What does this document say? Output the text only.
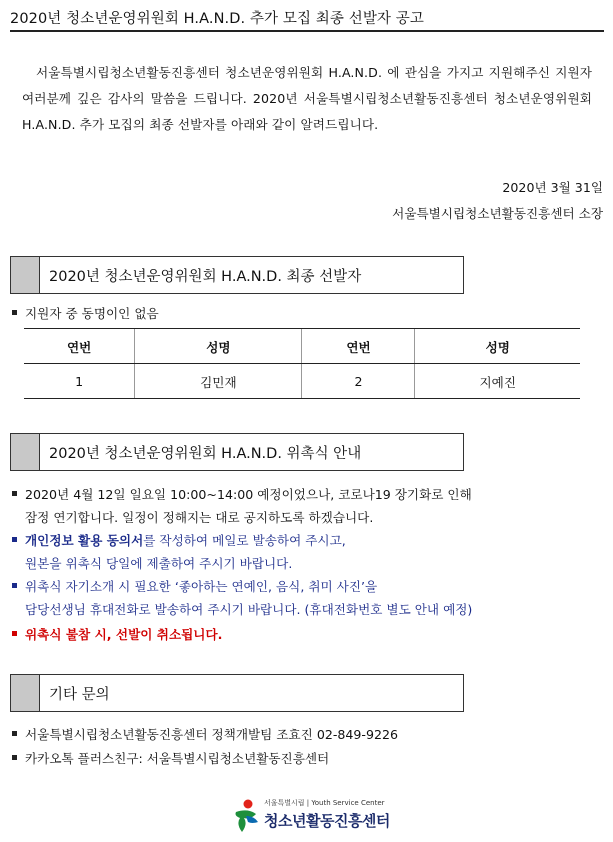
2020년 청소년운영위원회 H.A.N.D. 추가 모집 최종 선발자 공고
서울특별시립청소년활동진흥센터 청소년운영위원회 H.A.N.D. 에 관심을 가지고 지원해주신 지원자 여러분께 깊은 감사의 말씀을 드립니다. 2020년 서울특별시립청소년활동진흥센터 청소년운영위원회 H.A.N.D. 추가 모집의 최종 선발자를 아래와 같이 알려드립니다.
2020년 3월 31일
서울특별시립청소년활동진흥센터 소장
2020년 청소년운영위원회 H.A.N.D. 최종 선발자
지원자 중 동명이인 없음
연번	성명	연번	성명
1	김민재	2	지예진
2020년 청소년운영위원회 H.A.N.D. 위촉식 안내
2020년 4월 12일 일요일 10:00~14:00 예정이었으나, 코로나19 장기화로 인해
잠정 연기합니다. 일정이 정해지는 대로 공지하도록 하겠습니다.
개인정보 활용 동의서를 작성하여 메일로 발송하여 주시고,
원본을 위촉식 당일에 제출하여 주시기 바랍니다.
위촉식 자기소개 시 필요한 ‘좋아하는 연예인, 음식, 취미 사진’을
담당선생님 휴대전화로 발송하여 주시기 바랍니다. (휴대전화번호 별도 안내 예정)
위촉식 불참 시, 선발이 취소됩니다.
기타 문의
서울특별시립청소년활동진흥센터 정책개발팀 조효진 02-849-9226
카카오톡 플러스친구: 서울특별시립청소년활동진흥센터
서울특별시립 | Youth Service Center
청소년활동진흥센터
